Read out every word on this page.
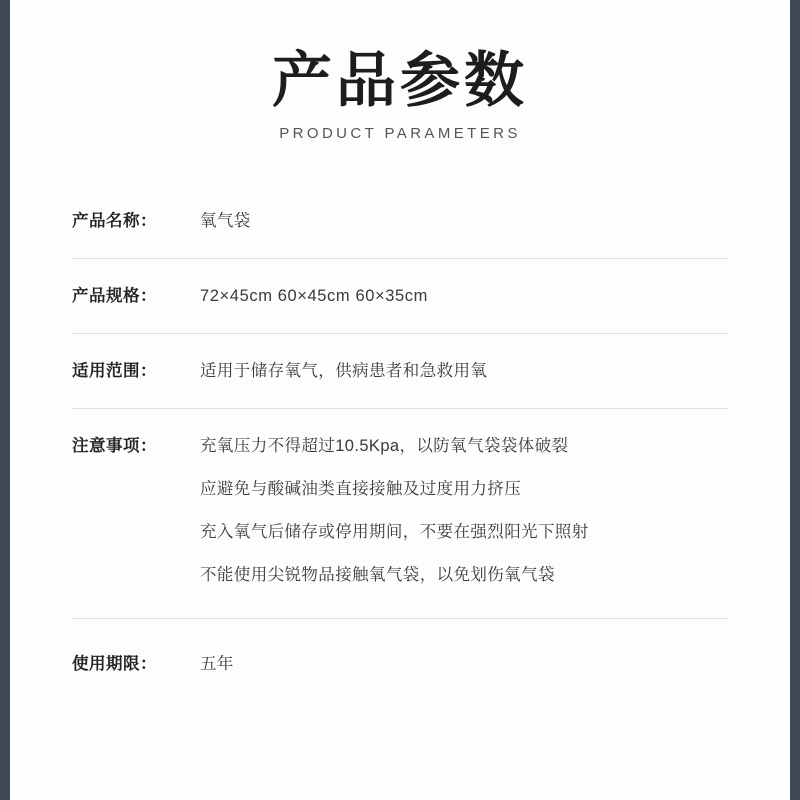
产品参数

PRODUCT PARAMETERS

产品名称：	氧气袋
产品规格：	72×45cm 60×45cm 60×35cm
适用范围：	适用于储存氧气，供病患者和急救用氧
注意事项：	充氧压力不得超过10.5Kpa，以防氧气袋袋体破裂
应避免与酸碱油类直接接触及过度用力挤压
充入氧气后储存或停用期间，不要在强烈阳光下照射
不能使用尖锐物品接触氧气袋，以免划伤氧气袋
使用期限：	五年
